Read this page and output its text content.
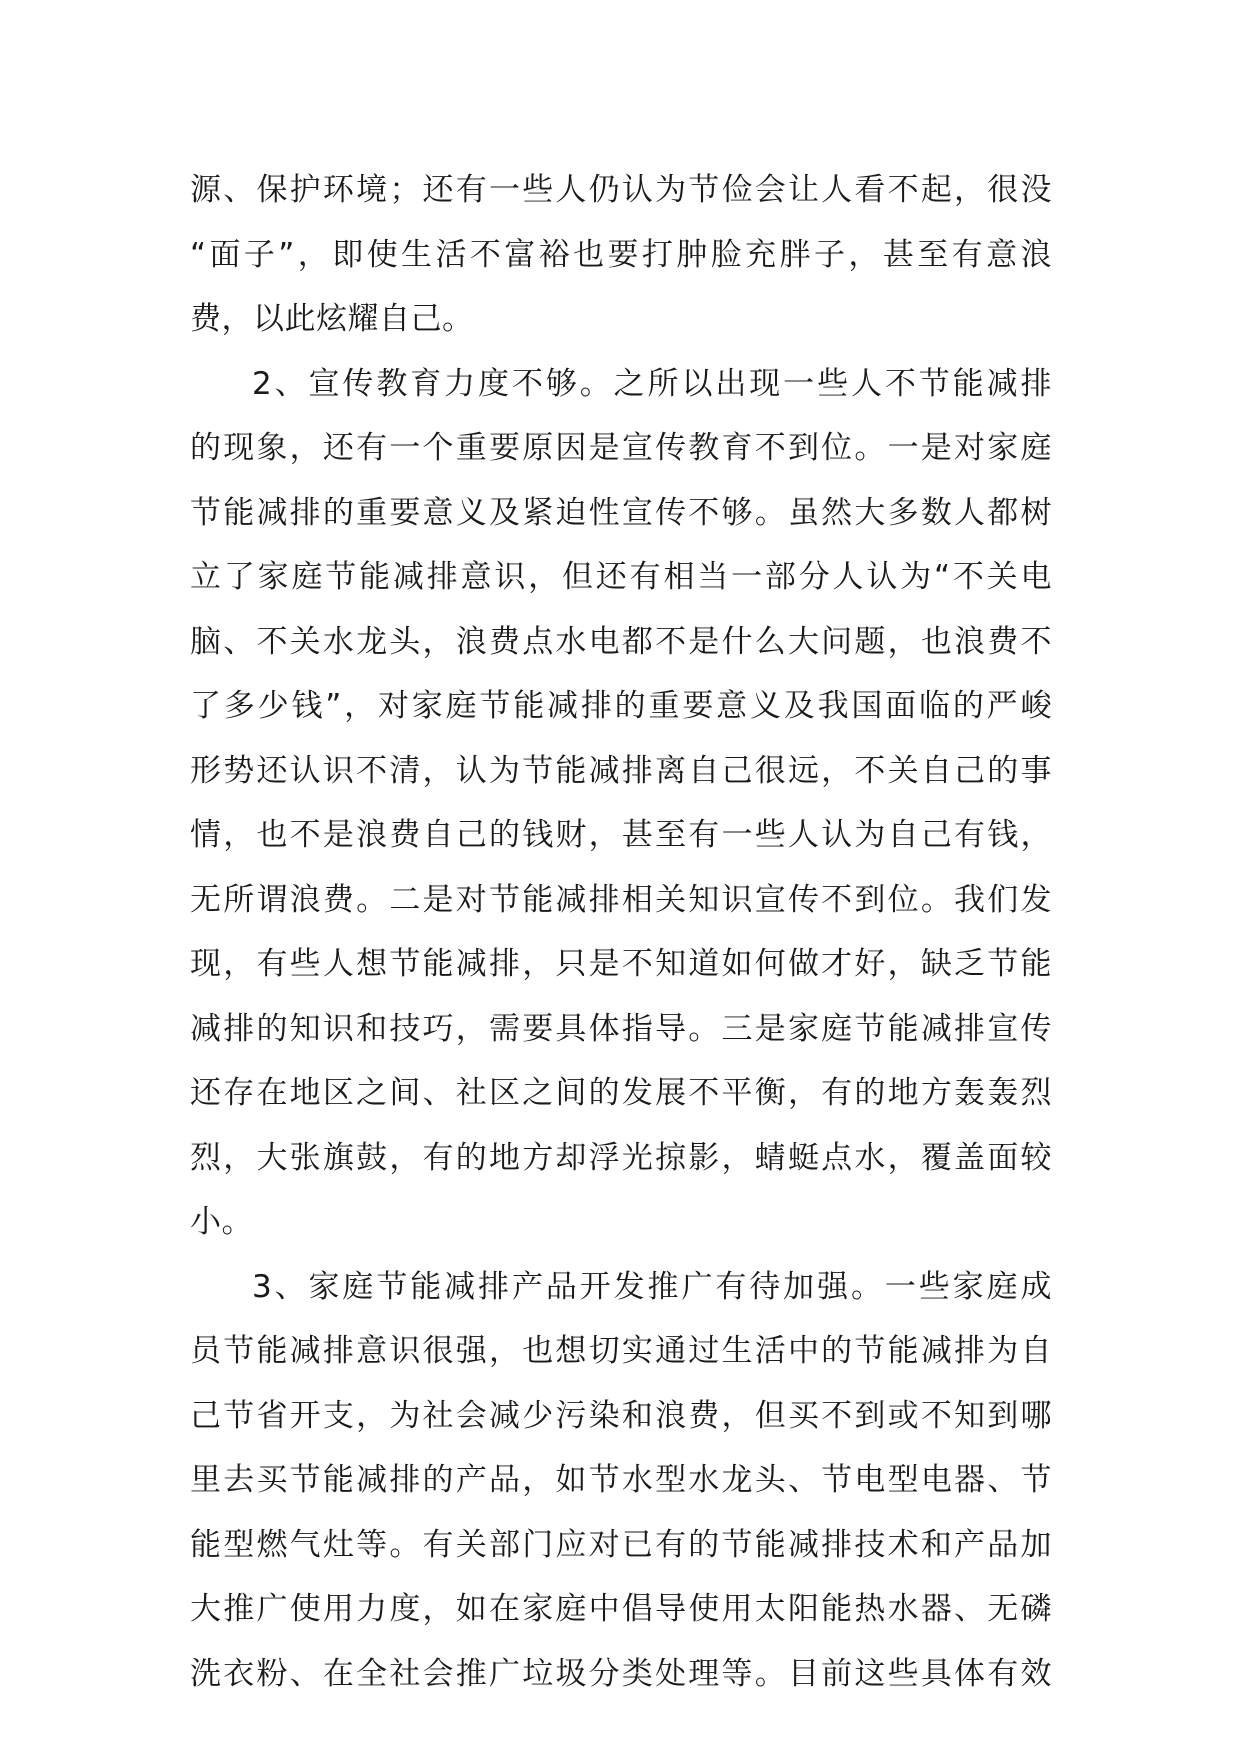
源、保护环境；还有一些人仍认为节俭会让人看不起，很没
“面子”，即使生活不富裕也要打肿脸充胖子，甚至有意浪
费，以此炫耀自己。

2、宣传教育力度不够。之所以出现一些人不节能减排
的现象，还有一个重要原因是宣传教育不到位。一是对家庭
节能减排的重要意义及紧迫性宣传不够。虽然大多数人都树
立了家庭节能减排意识，但还有相当一部分人认为“不关电
脑、不关水龙头，浪费点水电都不是什么大问题，也浪费不
了多少钱”，对家庭节能减排的重要意义及我国面临的严峻
形势还认识不清，认为节能减排离自己很远，不关自己的事
情，也不是浪费自己的钱财，甚至有一些人认为自己有钱，
无所谓浪费。二是对节能减排相关知识宣传不到位。我们发
现，有些人想节能减排，只是不知道如何做才好，缺乏节能
减排的知识和技巧，需要具体指导。三是家庭节能减排宣传
还存在地区之间、社区之间的发展不平衡，有的地方轰轰烈
烈，大张旗鼓，有的地方却浮光掠影，蜻蜓点水，覆盖面较
小。

3、家庭节能减排产品开发推广有待加强。一些家庭成
员节能减排意识很强，也想切实通过生活中的节能减排为自
己节省开支，为社会减少污染和浪费，但买不到或不知到哪
里去买节能减排的产品，如节水型水龙头、节电型电器、节
能型燃气灶等。有关部门应对已有的节能减排技术和产品加
大推广使用力度，如在家庭中倡导使用太阳能热水器、无磷
洗衣粉、在全社会推广垃圾分类处理等。目前这些具体有效
